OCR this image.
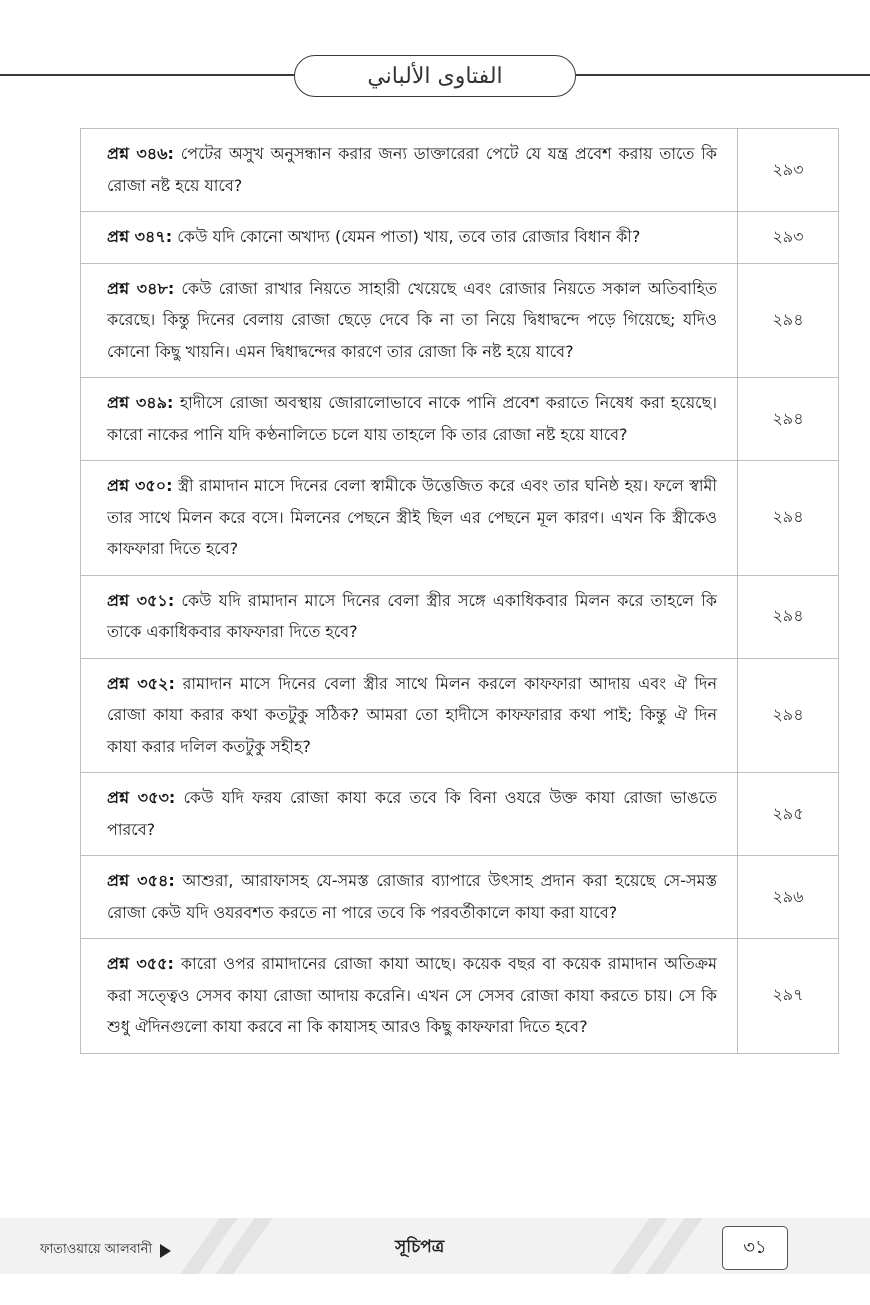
الفتاوى الألباني
প্রশ্ন ৩৪৬: পেটের অসুখ অনুসন্ধান করার জন্য ডাক্তারেরা পেটে যে যন্ত্র প্রবেশ করায় তাতে কি রোজা নষ্ট হয়ে যাবে?	২৯৩
প্রশ্ন ৩৪৭: কেউ যদি কোনো অখাদ্য (যেমন পাতা) খায়, তবে তার রোজার বিধান কী?	২৯৩
প্রশ্ন ৩৪৮: কেউ রোজা রাখার নিয়তে সাহারী খেয়েছে এবং রোজার নিয়তে সকাল অতিবাহিত করেছে। কিন্তু দিনের বেলায় রোজা ছেড়ে দেবে কি না তা নিয়ে দ্বিধাদ্বন্দে পড়ে গিয়েছে; যদিও কোনো কিছু খায়নি। এমন দ্বিধাদ্বন্দের কারণে তার রোজা কি নষ্ট হয়ে যাবে?	২৯৪
প্রশ্ন ৩৪৯: হাদীসে রোজা অবস্থায় জোরালোভাবে নাকে পানি প্রবেশ করাতে নিষেধ করা হয়েছে। কারো নাকের পানি যদি কণ্ঠনালিতে চলে যায় তাহলে কি তার রোজা নষ্ট হয়ে যাবে?	২৯৪
প্রশ্ন ৩৫০: স্ত্রী রামাদান মাসে দিনের বেলা স্বামীকে উত্তেজিত করে এবং তার ঘনিষ্ঠ হয়। ফলে স্বামী তার সাথে মিলন করে বসে। মিলনের পেছনে স্ত্রীই ছিল এর পেছনে মূল কারণ। এখন কি স্ত্রীকেও কাফফারা দিতে হবে?	২৯৪
প্রশ্ন ৩৫১: কেউ যদি রামাদান মাসে দিনের বেলা স্ত্রীর সঙ্গে একাধিকবার মিলন করে তাহলে কি তাকে একাধিকবার কাফফারা দিতে হবে?	২৯৪
প্রশ্ন ৩৫২: রামাদান মাসে দিনের বেলা স্ত্রীর সাথে মিলন করলে কাফফারা আদায় এবং ঐ দিন রোজা কাযা করার কথা কতটুকু সঠিক? আমরা তো হাদীসে কাফফারার কথা পাই; কিন্তু ঐ দিন কাযা করার দলিল কতটুকু সহীহ?	২৯৪
প্রশ্ন ৩৫৩: কেউ যদি ফরয রোজা কাযা করে তবে কি বিনা ওযরে উক্ত কাযা রোজা ভাঙতে পারবে?	২৯৫
প্রশ্ন ৩৫৪: আশুরা, আরাফাসহ যে-সমস্ত রোজার ব্যাপারে উৎসাহ প্রদান করা হয়েছে সে-সমস্ত রোজা কেউ যদি ওযরবশত করতে না পারে তবে কি পরবর্তীকালে কাযা করা যাবে?	২৯৬
প্রশ্ন ৩৫৫: কারো ওপর রামাদানের রোজা কাযা আছে। কয়েক বছর বা কয়েক রামাদান অতিক্রম করা সত্ত্বেও সেসব কাযা রোজা আদায় করেনি। এখন সে সেসব রোজা কাযা করতে চায়। সে কি শুধু ঐদিনগুলো কাযা করবে না কি কাযাসহ আরও কিছু কাফফারা দিতে হবে?	২৯৭
ফাতাওয়ায়ে আলবানী	সূচিপত্র	৩১
